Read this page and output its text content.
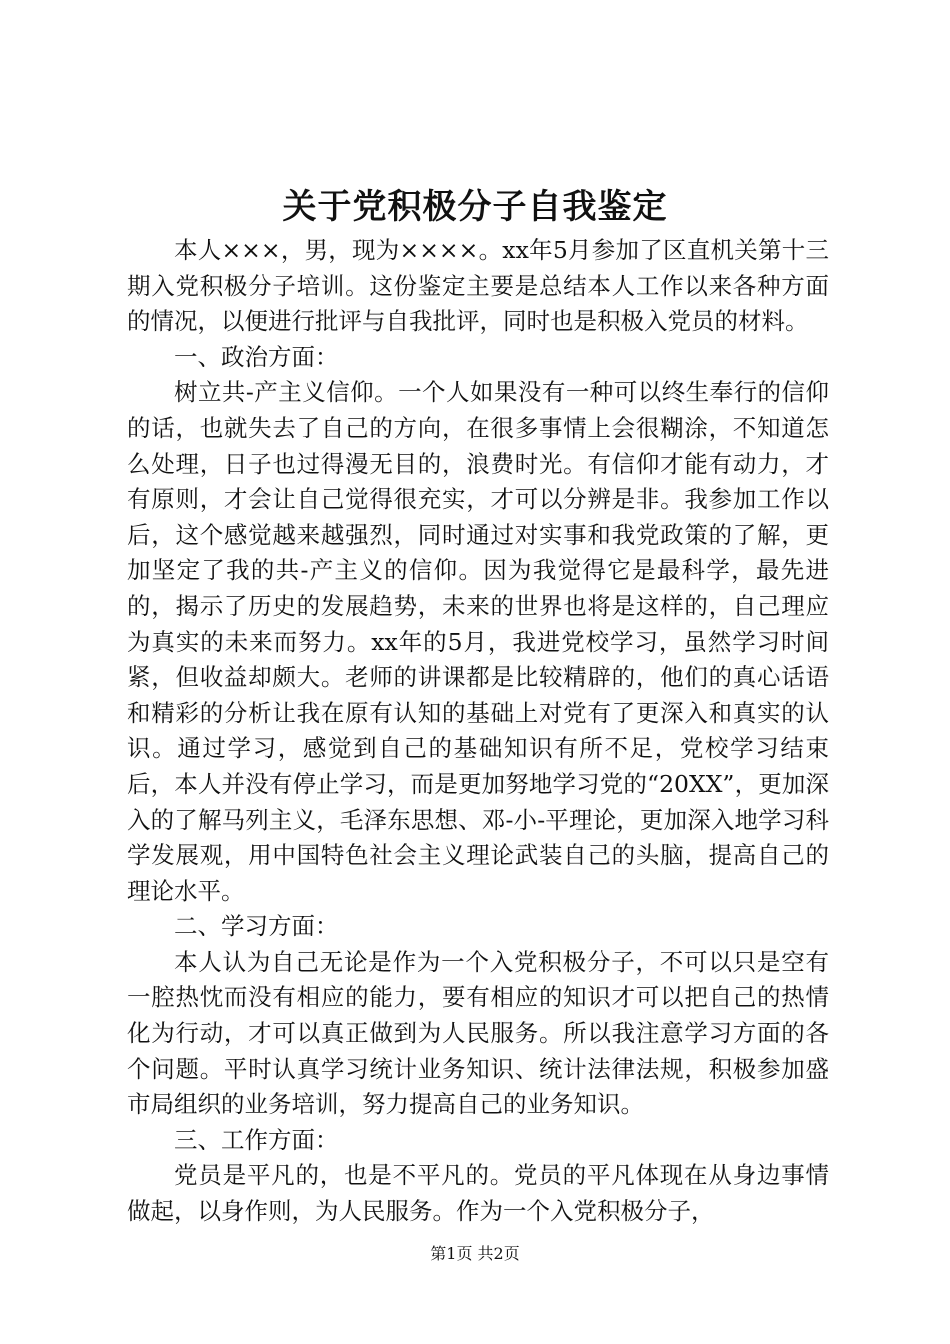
关于党积极分子自我鉴定

本人×××，男，现为××××。xx年5月参加了区直机关第十三期入党积极分子培训。这份鉴定主要是总结本人工作以来各种方面的情况，以便进行批评与自我批评，同时也是积极入党员的材料。

一、政治方面：

树立共-产主义信仰。一个人如果没有一种可以终生奉行的信仰的话，也就失去了自己的方向，在很多事情上会很糊涂，不知道怎么处理，日子也过得漫无目的，浪费时光。有信仰才能有动力，才有原则，才会让自己觉得很充实，才可以分辨是非。我参加工作以后，这个感觉越来越强烈，同时通过对实事和我党政策的了解，更加坚定了我的共-产主义的信仰。因为我觉得它是最科学，最先进的，揭示了历史的发展趋势，未来的世界也将是这样的，自己理应为真实的未来而努力。xx年的5月，我进党校学习，虽然学习时间紧，但收益却颇大。老师的讲课都是比较精辟的，他们的真心话语和精彩的分析让我在原有认知的基础上对党有了更深入和真实的认识。通过学习，感觉到自己的基础知识有所不足，党校学习结束后，本人并没有停止学习，而是更加努地学习党的“20XX”，更加深入的了解马列主义，毛泽东思想、邓-小-平理论，更加深入地学习科学发展观，用中国特色社会主义理论武装自己的头脑，提高自己的理论水平。

二、学习方面：

本人认为自己无论是作为一个入党积极分子，不可以只是空有一腔热忱而没有相应的能力，要有相应的知识才可以把自己的热情化为行动，才可以真正做到为人民服务。所以我注意学习方面的各个问题。平时认真学习统计业务知识、统计法律法规，积极参加盛市局组织的业务培训，努力提高自己的业务知识。

三、工作方面：

党员是平凡的，也是不平凡的。党员的平凡体现在从身边事情做起，以身作则，为人民服务。作为一个入党积极分子，

第1页 共2页
